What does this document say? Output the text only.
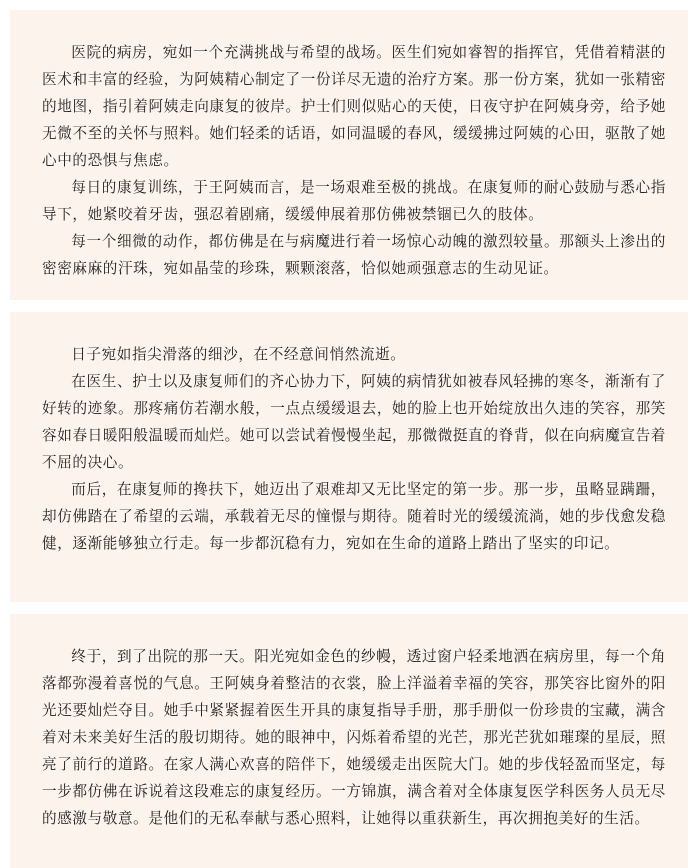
医院的病房，宛如一个充满挑战与希望的战场。医生们宛如睿智的指挥官，凭借着精湛的医术和丰富的经验，为阿姨精心制定了一份详尽无遗的治疗方案。那一份方案，犹如一张精密的地图，指引着阿姨走向康复的彼岸。护士们则似贴心的天使，日夜守护在阿姨身旁，给予她无微不至的关怀与照料。她们轻柔的话语，如同温暖的春风，缓缓拂过阿姨的心田，驱散了她心中的恐惧与焦虑。

每日的康复训练，于王阿姨而言，是一场艰难至极的挑战。在康复师的耐心鼓励与悉心指导下，她紧咬着牙齿，强忍着剧痛，缓缓伸展着那仿佛被禁锢已久的肢体。

每一个细微的动作，都仿佛是在与病魔进行着一场惊心动魄的激烈较量。那额头上渗出的密密麻麻的汗珠，宛如晶莹的珍珠，颗颗滚落，恰似她顽强意志的生动见证。

日子宛如指尖滑落的细沙，在不经意间悄然流逝。

在医生、护士以及康复师们的齐心协力下，阿姨的病情犹如被春风轻拂的寒冬，渐渐有了好转的迹象。那疼痛仿若潮水般，一点点缓缓退去，她的脸上也开始绽放出久违的笑容，那笑容如春日暖阳般温暖而灿烂。她可以尝试着慢慢坐起，那微微挺直的脊背，似在向病魔宣告着不屈的决心。

而后，在康复师的搀扶下，她迈出了艰难却又无比坚定的第一步。那一步，虽略显蹒跚，却仿佛踏在了希望的云端，承载着无尽的憧憬与期待。随着时光的缓缓流淌，她的步伐愈发稳健，逐渐能够独立行走。每一步都沉稳有力，宛如在生命的道路上踏出了坚实的印记。

终于，到了出院的那一天。阳光宛如金色的纱幔，透过窗户轻柔地洒在病房里，每一个角落都弥漫着喜悦的气息。王阿姨身着整洁的衣裳，脸上洋溢着幸福的笑容，那笑容比窗外的阳光还要灿烂夺目。她手中紧紧握着医生开具的康复指导手册，那手册似一份珍贵的宝藏，满含着对未来美好生活的殷切期待。她的眼神中，闪烁着希望的光芒，那光芒犹如璀璨的星辰，照亮了前行的道路。在家人满心欢喜的陪伴下，她缓缓走出医院大门。她的步伐轻盈而坚定，每一步都仿佛在诉说着这段难忘的康复经历。一方锦旗，满含着对全体康复医学科医务人员无尽的感激与敬意。是他们的无私奉献与悉心照料，让她得以重获新生，再次拥抱美好的生活。
